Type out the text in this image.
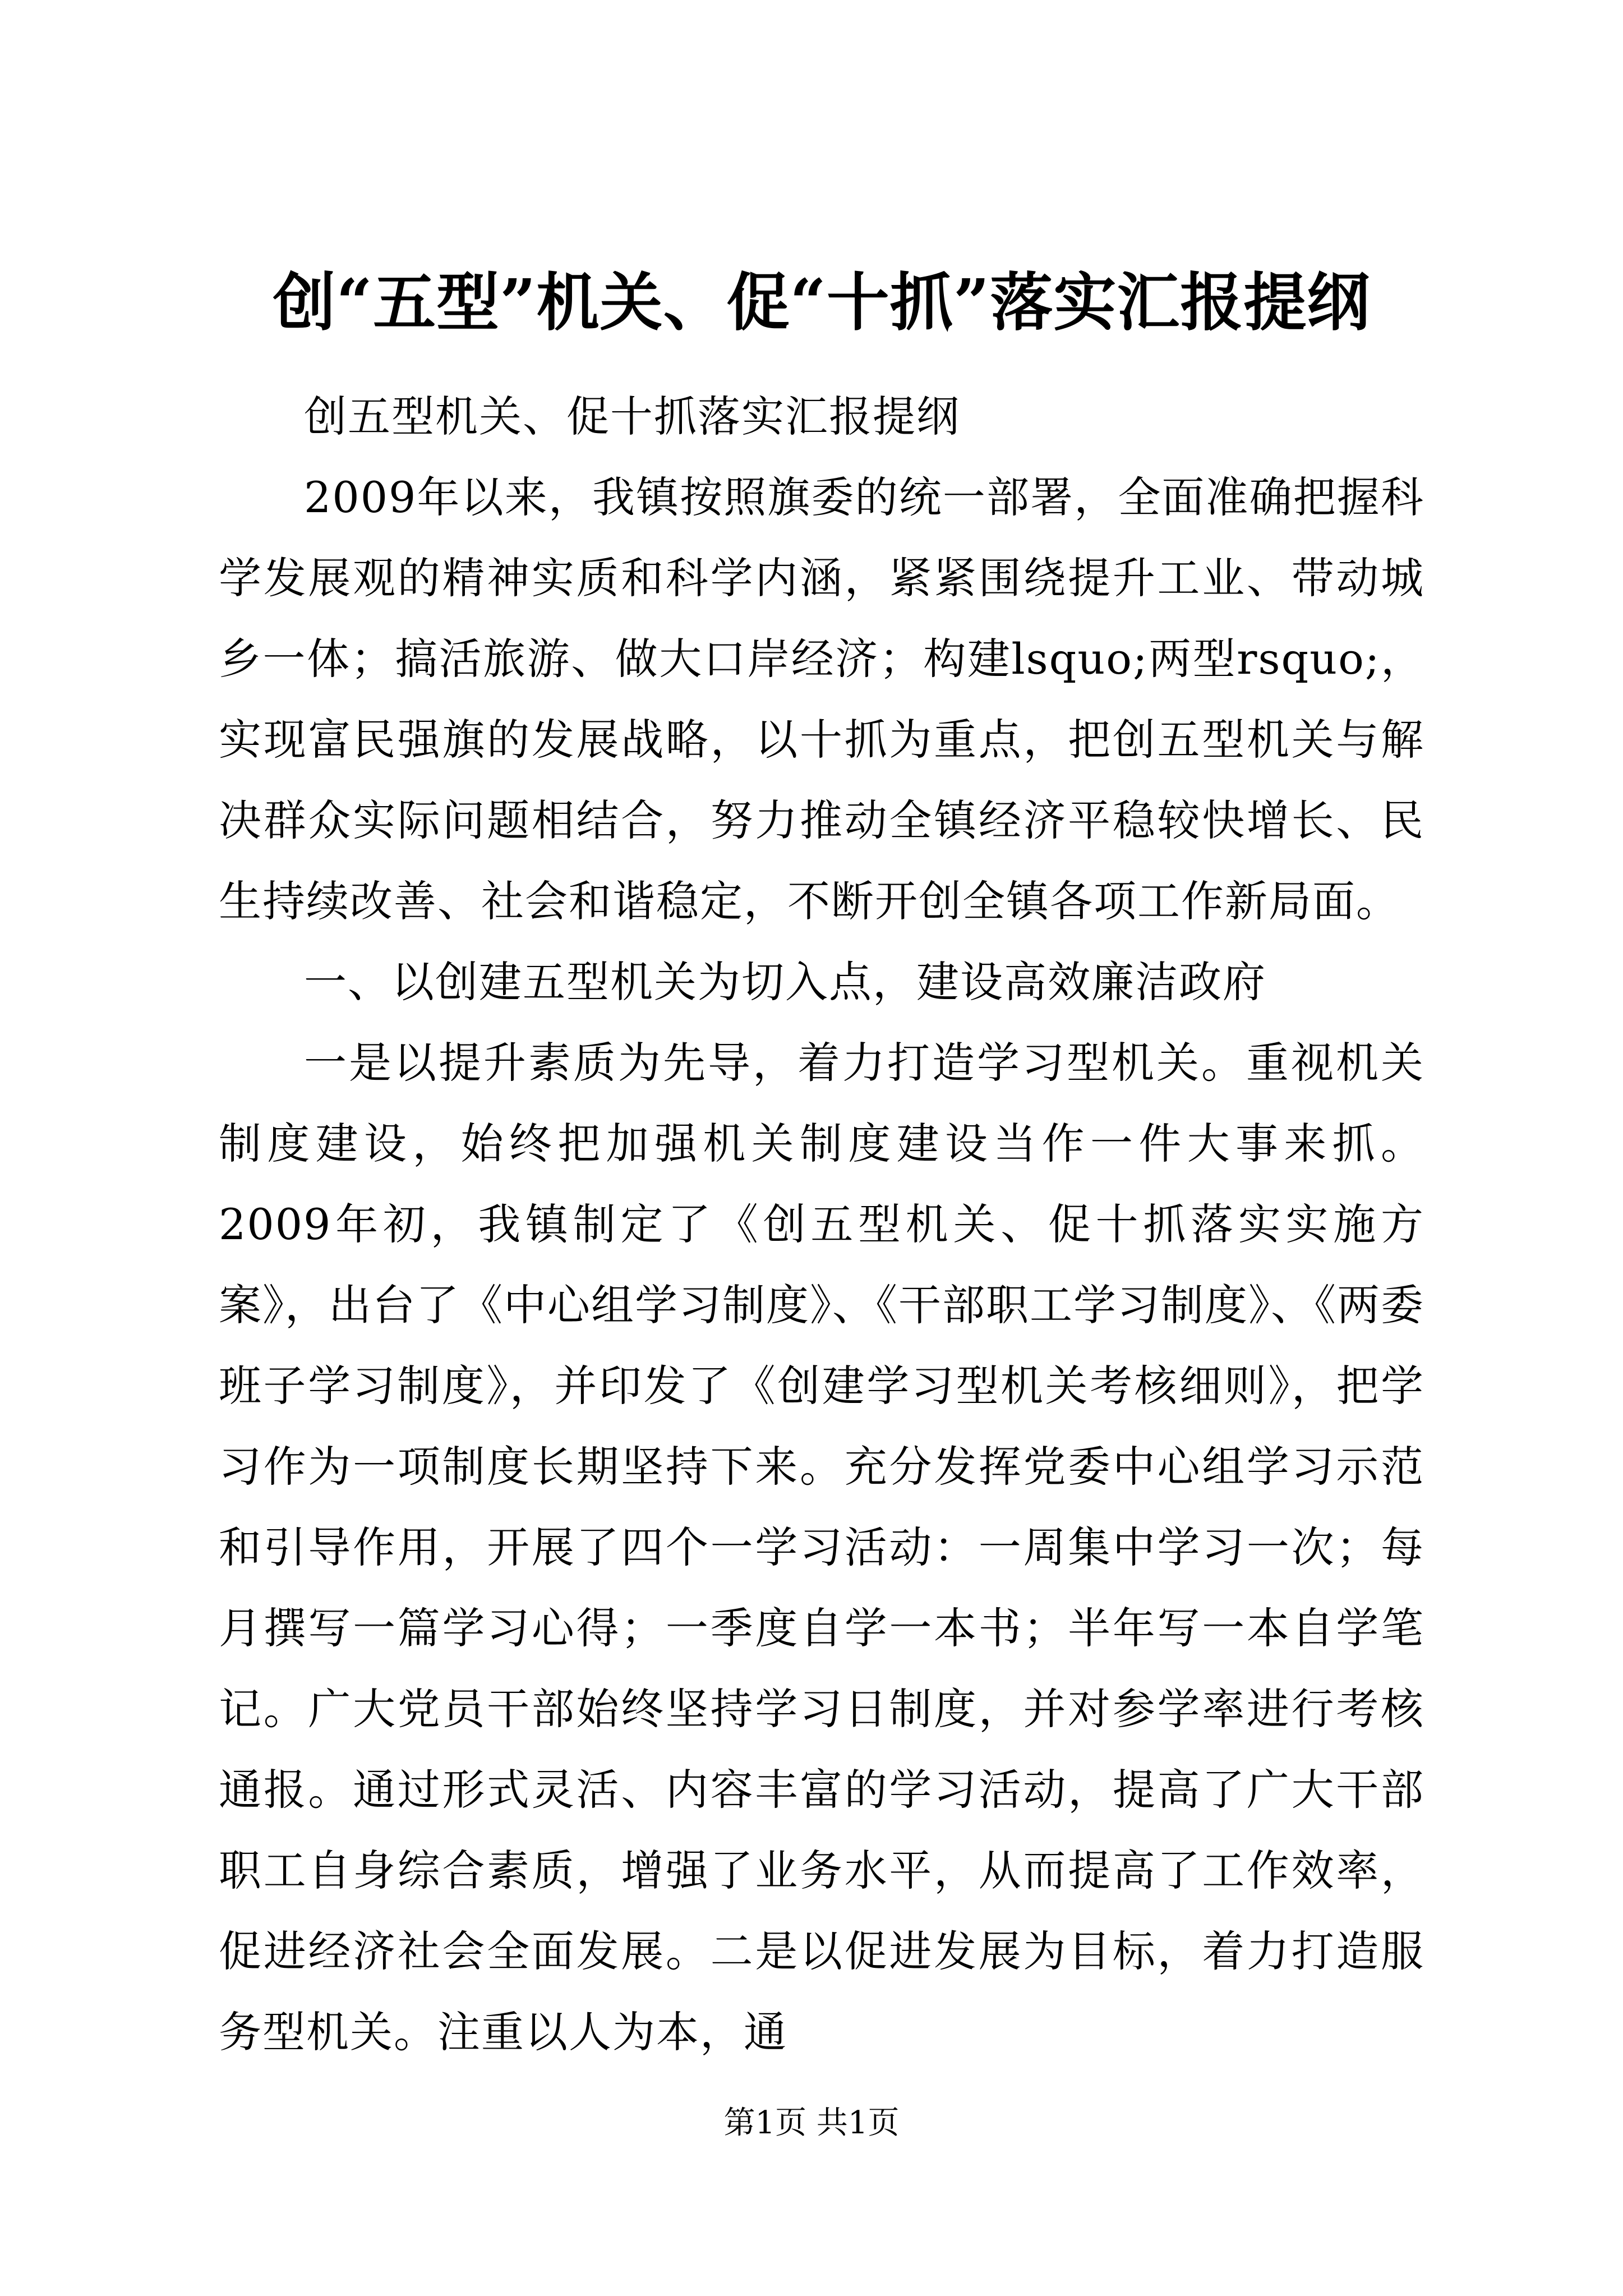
创“五型”机关、促“十抓”落实汇报提纲

创五型机关、促十抓落实汇报提纲

2009年以来，我镇按照旗委的统一部署，全面准确把握科学发展观的精神实质和科学内涵，紧紧围绕提升工业、带动城乡一体；搞活旅游、做大口岸经济；构建lsquo;两型rsquo;，实现富民强旗的发展战略，以十抓为重点，把创五型机关与解决群众实际问题相结合，努力推动全镇经济平稳较快增长、民生持续改善、社会和谐稳定，不断开创全镇各项工作新局面。

一、以创建五型机关为切入点，建设高效廉洁政府

一是以提升素质为先导，着力打造学习型机关。重视机关制度建设，始终把加强机关制度建设当作一件大事来抓。2009年初，我镇制定了《创五型机关、促十抓落实实施方案》，出台了《中心组学习制度》、《干部职工学习制度》、《两委班子学习制度》，并印发了《创建学习型机关考核细则》，把学习作为一项制度长期坚持下来。充分发挥党委中心组学习示范和引导作用，开展了四个一学习活动：一周集中学习一次；每月撰写一篇学习心得；一季度自学一本书；半年写一本自学笔记。广大党员干部始终坚持学习日制度，并对参学率进行考核通报。通过形式灵活、内容丰富的学习活动，提高了广大干部职工自身综合素质，增强了业务水平，从而提高了工作效率，促进经济社会全面发展。二是以促进发展为目标，着力打造服务型机关。注重以人为本，通

第1页 共1页
